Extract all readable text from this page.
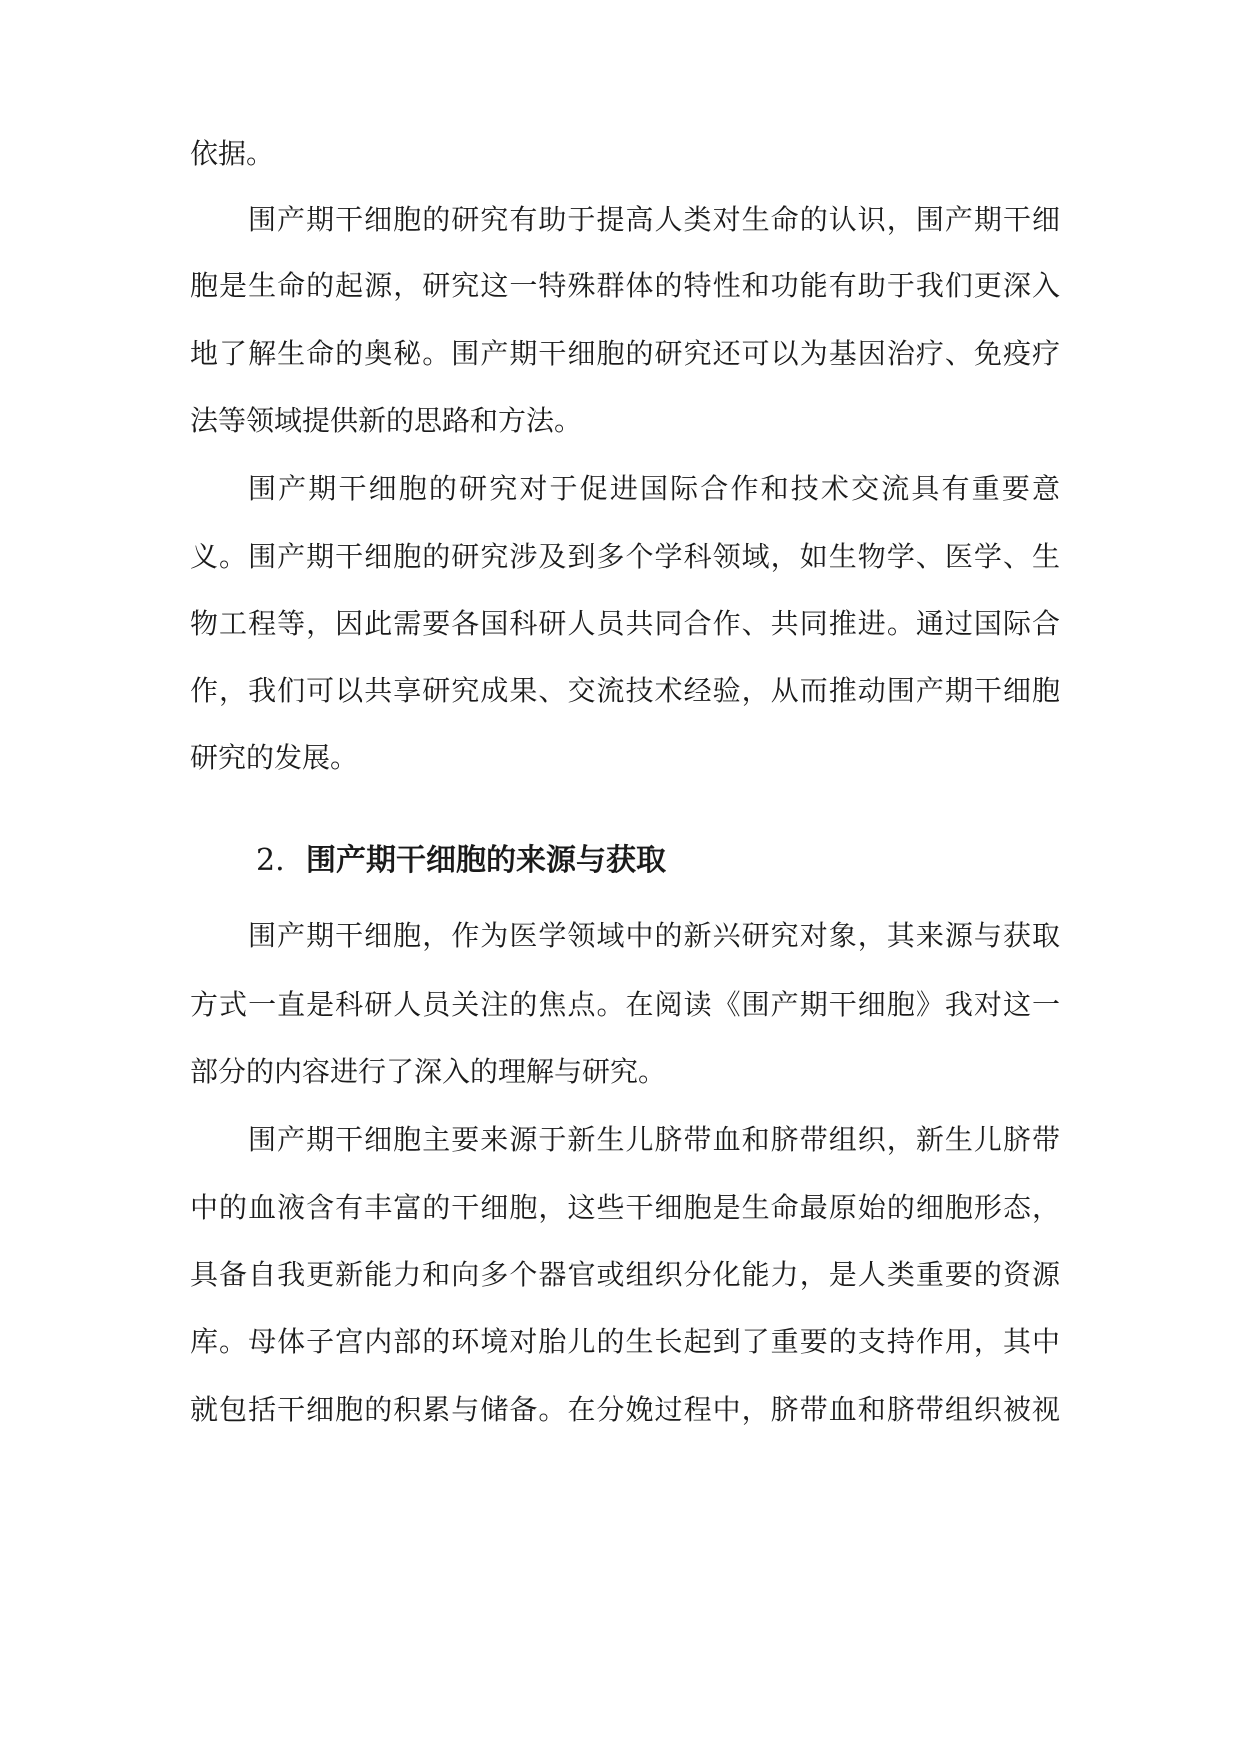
依据。
围产期干细胞的研究有助于提高人类对生命的认识，围产期干细
胞是生命的起源，研究这一特殊群体的特性和功能有助于我们更深入
地了解生命的奥秘。围产期干细胞的研究还可以为基因治疗、免疫疗
法等领域提供新的思路和方法。
围产期干细胞的研究对于促进国际合作和技术交流具有重要意
义。围产期干细胞的研究涉及到多个学科领域，如生物学、医学、生
物工程等，因此需要各国科研人员共同合作、共同推进。通过国际合
作，我们可以共享研究成果、交流技术经验，从而推动围产期干细胞
研究的发展。
2. 围产期干细胞的来源与获取
围产期干细胞，作为医学领域中的新兴研究对象，其来源与获取
方式一直是科研人员关注的焦点。在阅读《围产期干细胞》我对这一
部分的内容进行了深入的理解与研究。
围产期干细胞主要来源于新生儿脐带血和脐带组织，新生儿脐带
中的血液含有丰富的干细胞，这些干细胞是生命最原始的细胞形态，
具备自我更新能力和向多个器官或组织分化能力，是人类重要的资源
库。母体子宫内部的环境对胎儿的生长起到了重要的支持作用，其中
就包括干细胞的积累与储备。在分娩过程中，脐带血和脐带组织被视
